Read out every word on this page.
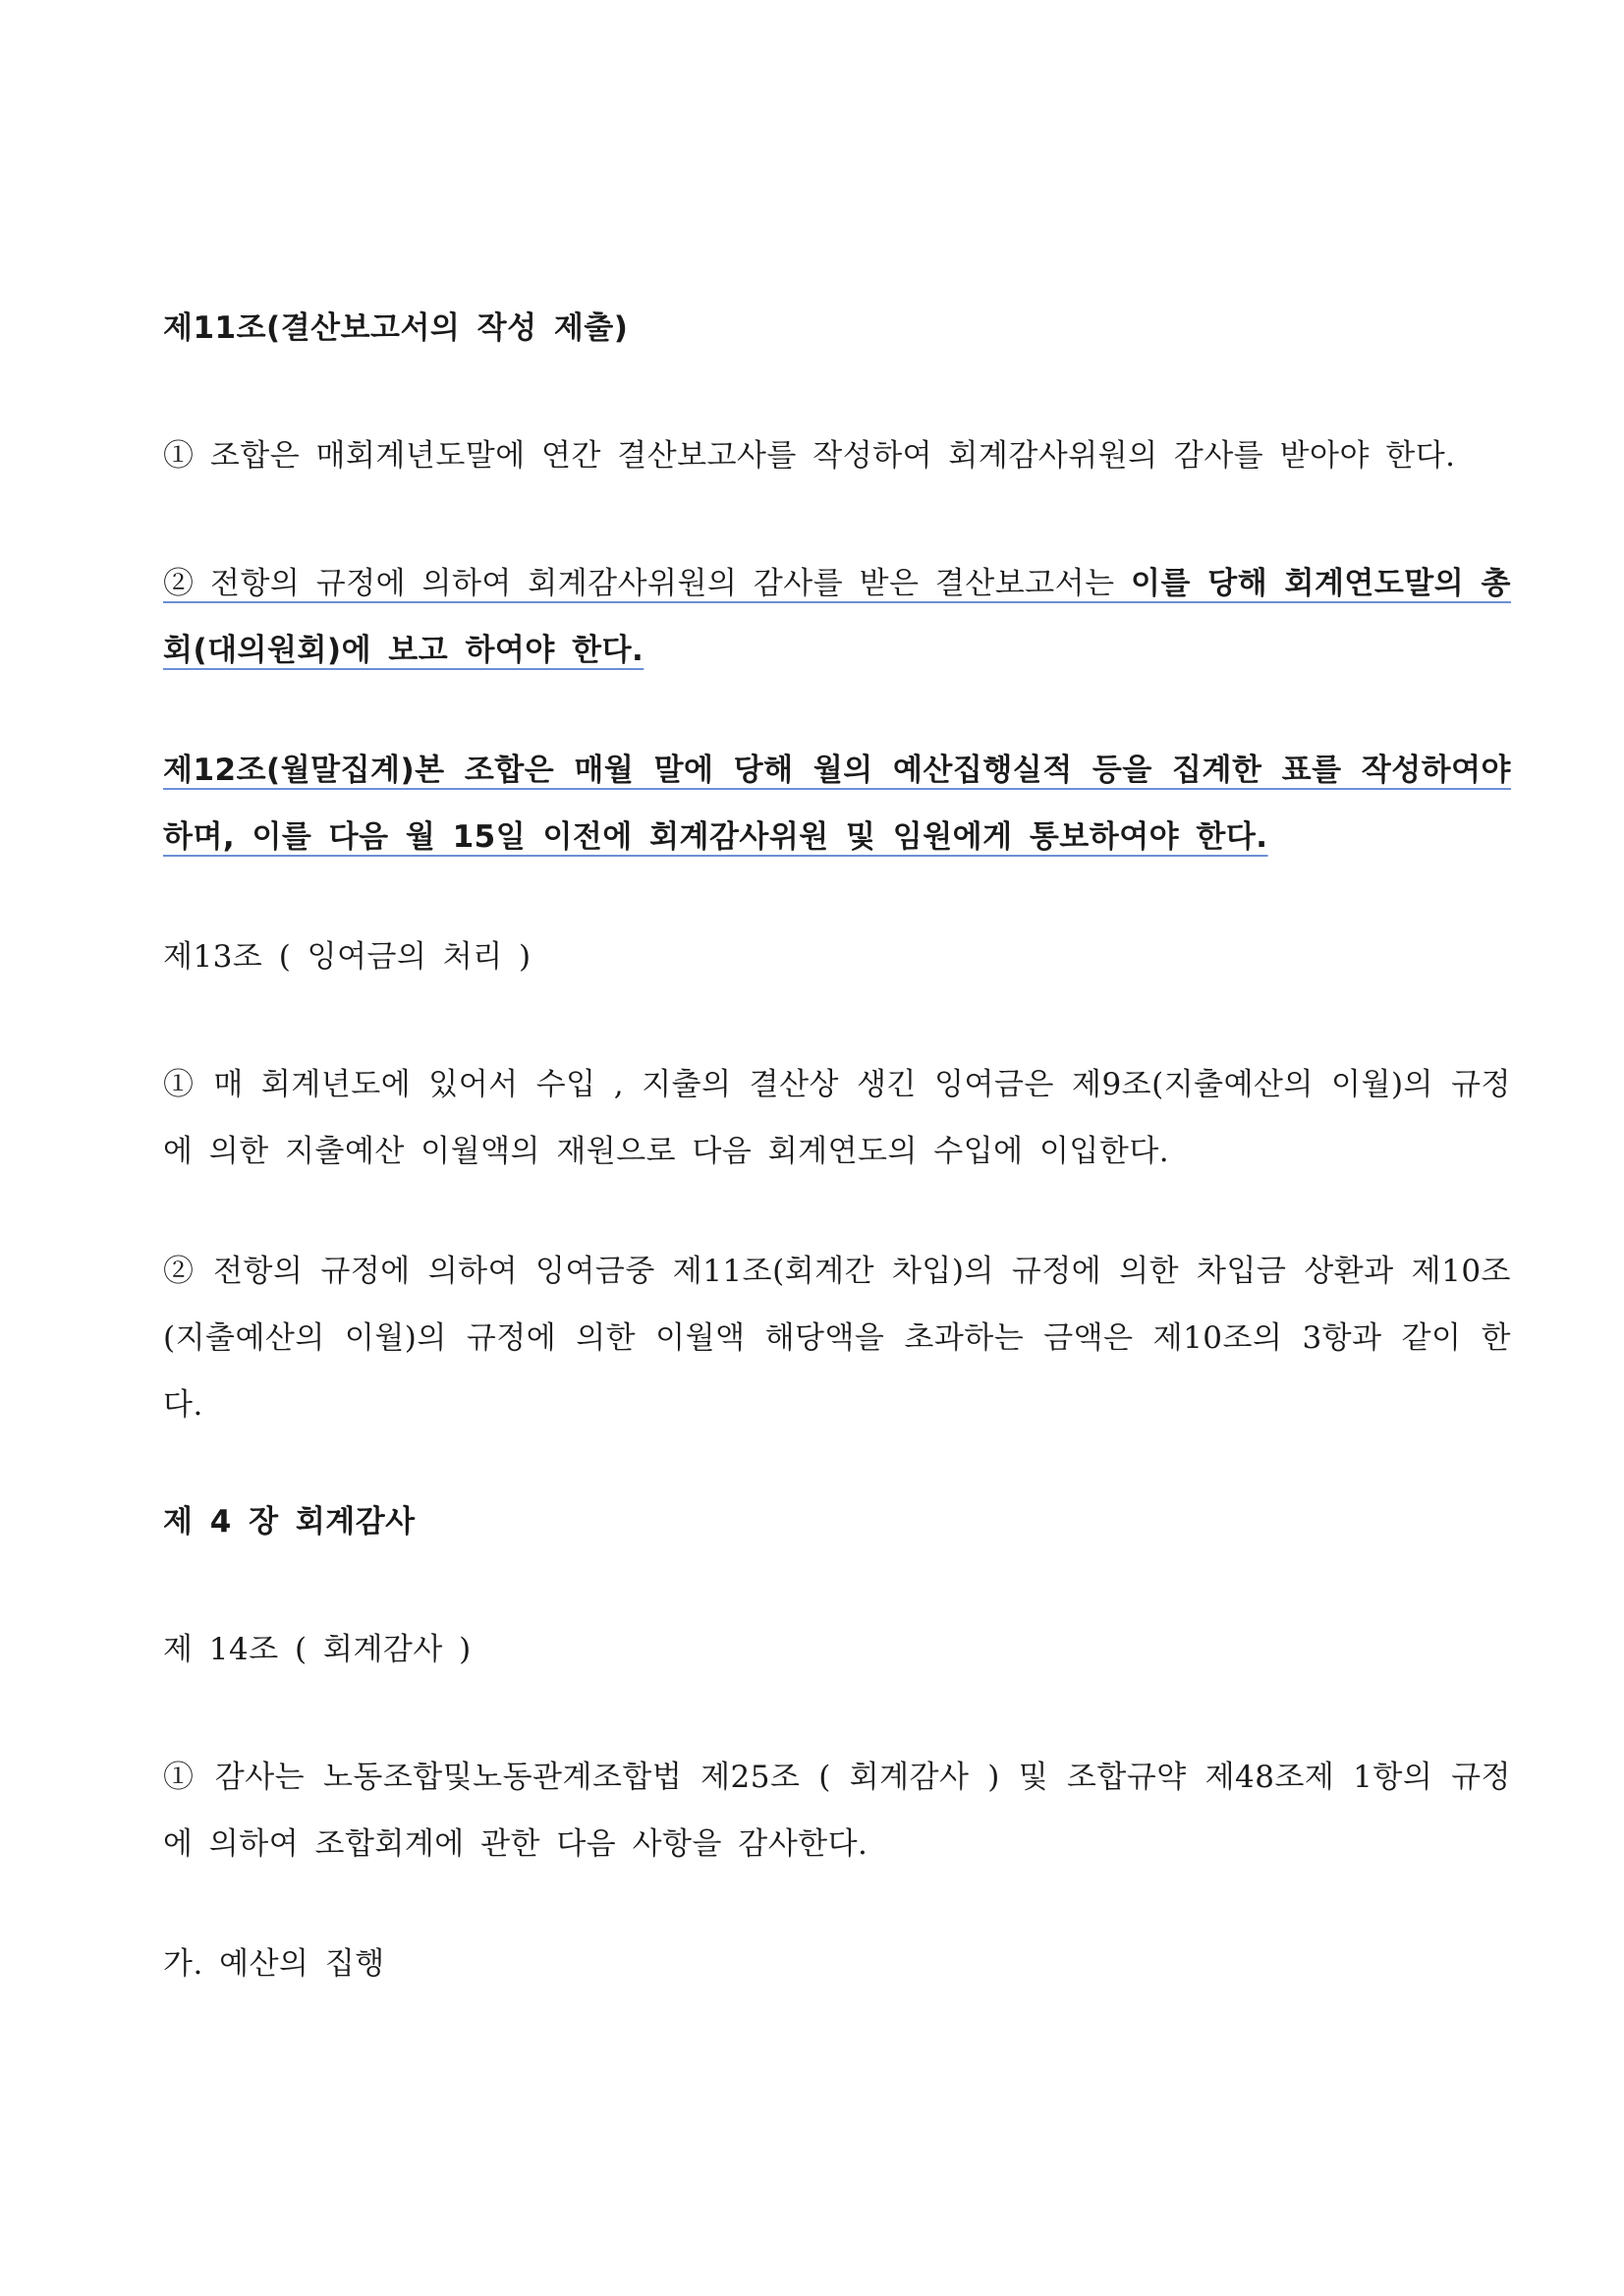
제11조(결산보고서의 작성 제출)
① 조합은 매회계년도말에 연간 결산보고사를 작성하여 회계감사위원의 감사를 받아야 한다.
② 전항의 규정에 의하여 회계감사위원의 감사를 받은 결산보고서는 이를 당해 회계연도말의 총회(대의원회)에 보고 하여야 한다.
제12조(월말집계)본 조합은 매월 말에 당해 월의 예산집행실적 등을 집계한 표를 작성하여야 하며, 이를 다음 월 15일 이전에 회계감사위원 및 임원에게 통보하여야 한다.
제13조 ( 잉여금의 처리 )
① 매 회계년도에 있어서 수입 , 지출의 결산상 생긴 잉여금은 제9조(지출예산의 이월)의 규정에 의한 지출예산 이월액의 재원으로 다음 회계연도의 수입에 이입한다.
② 전항의 규정에 의하여 잉여금중 제11조(회계간 차입)의 규정에 의한 차입금 상환과 제10조(지출예산의 이월)의 규정에 의한 이월액 해당액을 초과하는 금액은 제10조의 3항과 같이 한다.
제 4 장 회계감사
제 14조 ( 회계감사 )
① 감사는 노동조합및노동관계조합법 제25조 ( 회계감사 ) 및 조합규약 제48조제 1항의 규정에 의하여 조합회계에 관한 다음 사항을 감사한다.
가. 예산의 집행
